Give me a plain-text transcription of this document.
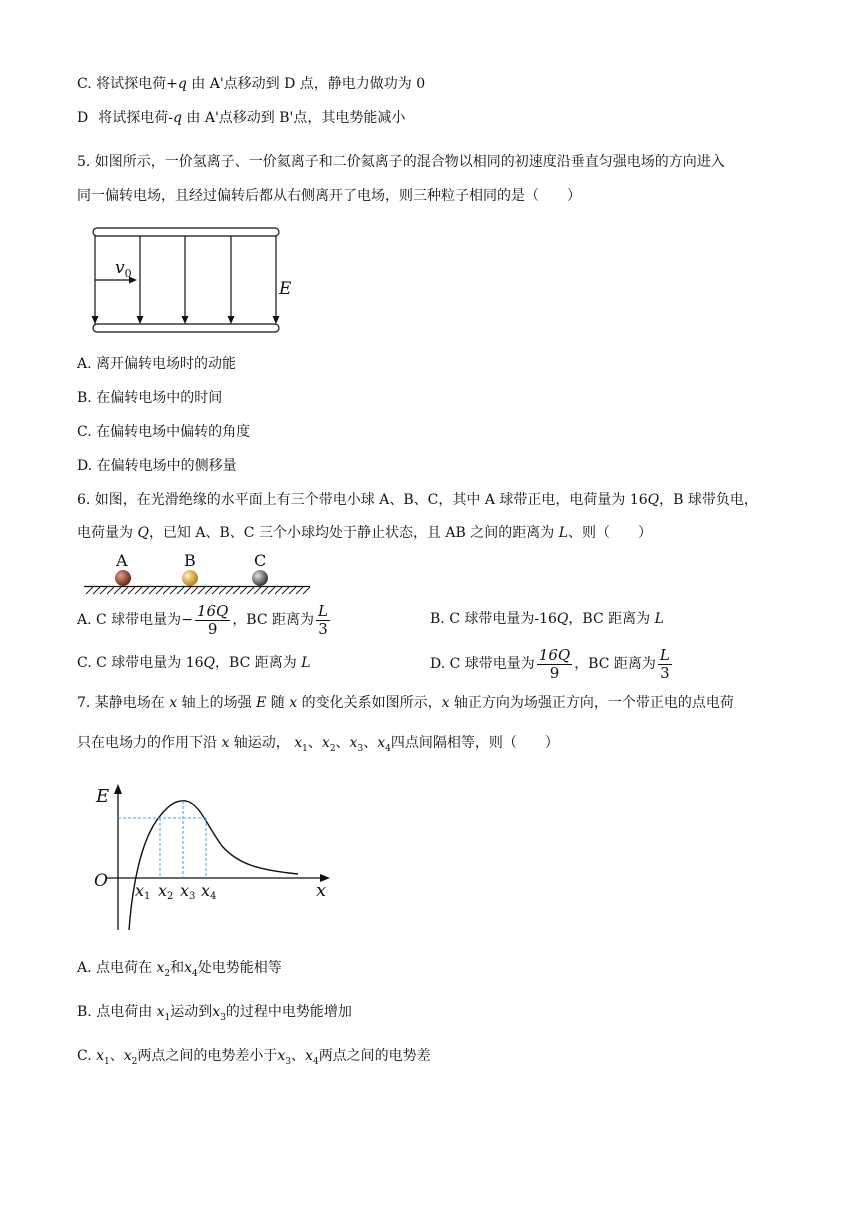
C. 将试探电荷+q 由 A'点移动到 D 点，静电力做功为 0
D 将试探电荷-q 由 A'点移动到 B'点，其电势能减小
5. 如图所示，一价氢离子、一价氦离子和二价氦离子的混合物以相同的初速度沿垂直匀强电场的方向进入
同一偏转电场，且经过偏转后都从右侧离开了电场，则三种粒子相同的是（　　）
$v_0$
E
A. 离开偏转电场时的动能
B. 在偏转电场中的时间
C. 在偏转电场中偏转的角度
D. 在偏转电场中的侧移量
6. 如图，在光滑绝缘的水平面上有三个带电小球 A、B、C，其中 A 球带正电，电荷量为 16Q，B 球带负电，
电荷量为 Q，已知 A、B、C 三个小球均处于静止状态，且 AB 之间的距离为 L、则（　　）
A	B	C
A. C 球带电量为− $\frac{16Q}{9}$ ，BC 距离为 $\frac{L}{3}$	B. C 球带电量为-16Q，BC 距离为 L
C. C 球带电量为 16Q，BC 距离为 L	D. C 球带电量为 $\frac{16Q}{9}$ ，BC 距离为 $\frac{L}{3}$
7. 某静电场在 x 轴上的场强 E 随 x 的变化关系如图所示，x 轴正方向为场强正方向，一个带正电的点电荷
只在电场力的作用下沿 x 轴运动， $x_1$、$x_2$、$x_3$、$x_4$四点间隔相等，则（　　）
E
O	x
x1 x2 x3 x4
A. 点电荷在 $x_2$和$x_4$处电势能相等
B. 点电荷由 $x_1$运动到$x_3$的过程中电势能增加
C. $x_1$、$x_2$两点之间的电势差小于$x_3$、$x_4$两点之间的电势差
